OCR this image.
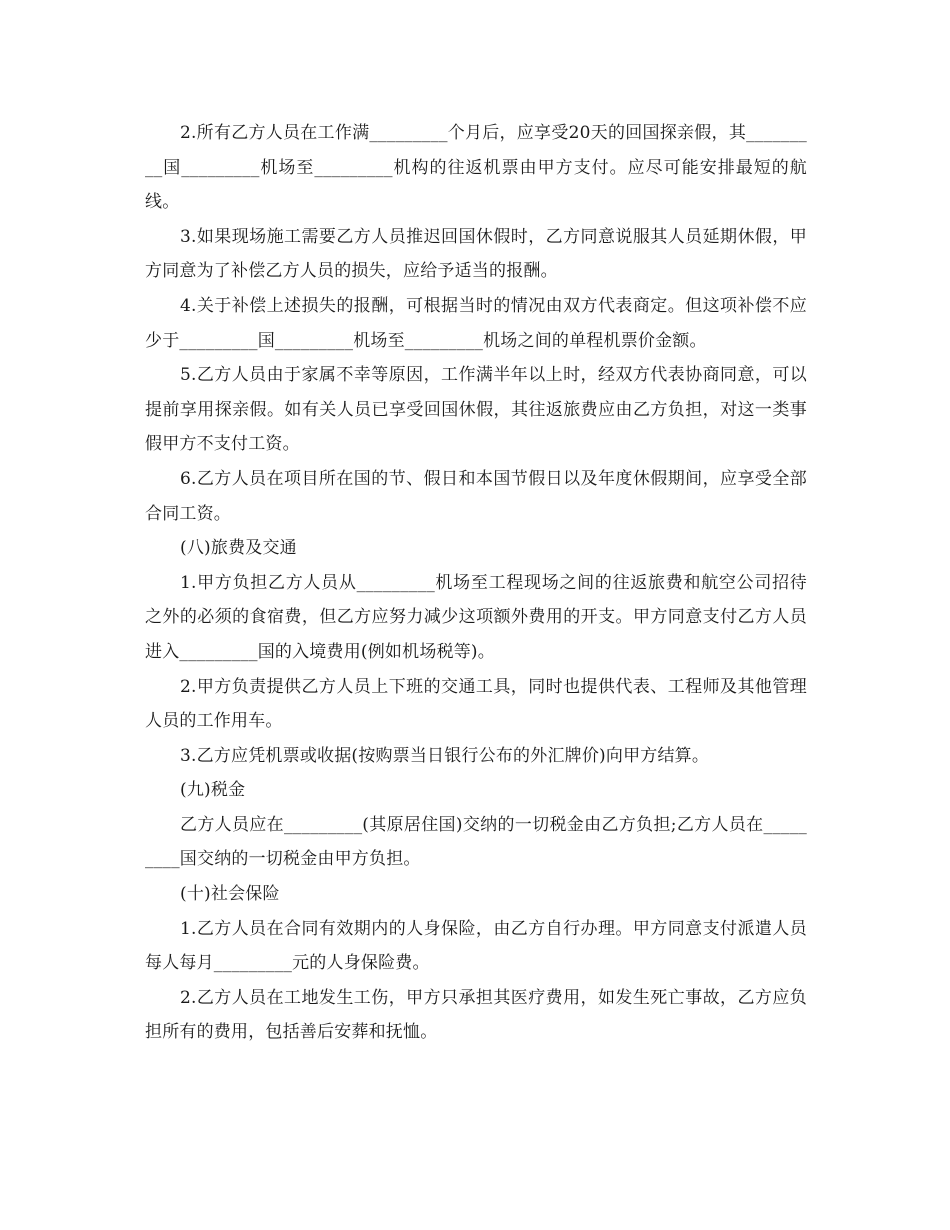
2.所有乙方人员在工作满_________个月后，应享受20天的回国探亲假，其_________国_________机场至_________机构的往返机票由甲方支付。应尽可能安排最短的航线。

3.如果现场施工需要乙方人员推迟回国休假时，乙方同意说服其人员延期休假，甲方同意为了补偿乙方人员的损失，应给予适当的报酬。

4.关于补偿上述损失的报酬，可根据当时的情况由双方代表商定。但这项补偿不应少于_________国_________机场至_________机场之间的单程机票价金额。

5.乙方人员由于家属不幸等原因，工作满半年以上时，经双方代表协商同意，可以提前享用探亲假。如有关人员已享受回国休假，其往返旅费应由乙方负担，对这一类事假甲方不支付工资。

6.乙方人员在项目所在国的节、假日和本国节假日以及年度休假期间，应享受全部合同工资。

(八)旅费及交通

1.甲方负担乙方人员从_________机场至工程现场之间的往返旅费和航空公司招待之外的必须的食宿费，但乙方应努力减少这项额外费用的开支。甲方同意支付乙方人员进入_________国的入境费用(例如机场税等)。

2.甲方负责提供乙方人员上下班的交通工具，同时也提供代表、工程师及其他管理人员的工作用车。

3.乙方应凭机票或收据(按购票当日银行公布的外汇牌价)向甲方结算。

(九)税金

乙方人员应在_________(其原居住国)交纳的一切税金由乙方负担;乙方人员在_________国交纳的一切税金由甲方负担。

(十)社会保险

1.乙方人员在合同有效期内的人身保险，由乙方自行办理。甲方同意支付派遣人员每人每月_________元的人身保险费。

2.乙方人员在工地发生工伤，甲方只承担其医疗费用，如发生死亡事故，乙方应负担所有的费用，包括善后安葬和抚恤。
